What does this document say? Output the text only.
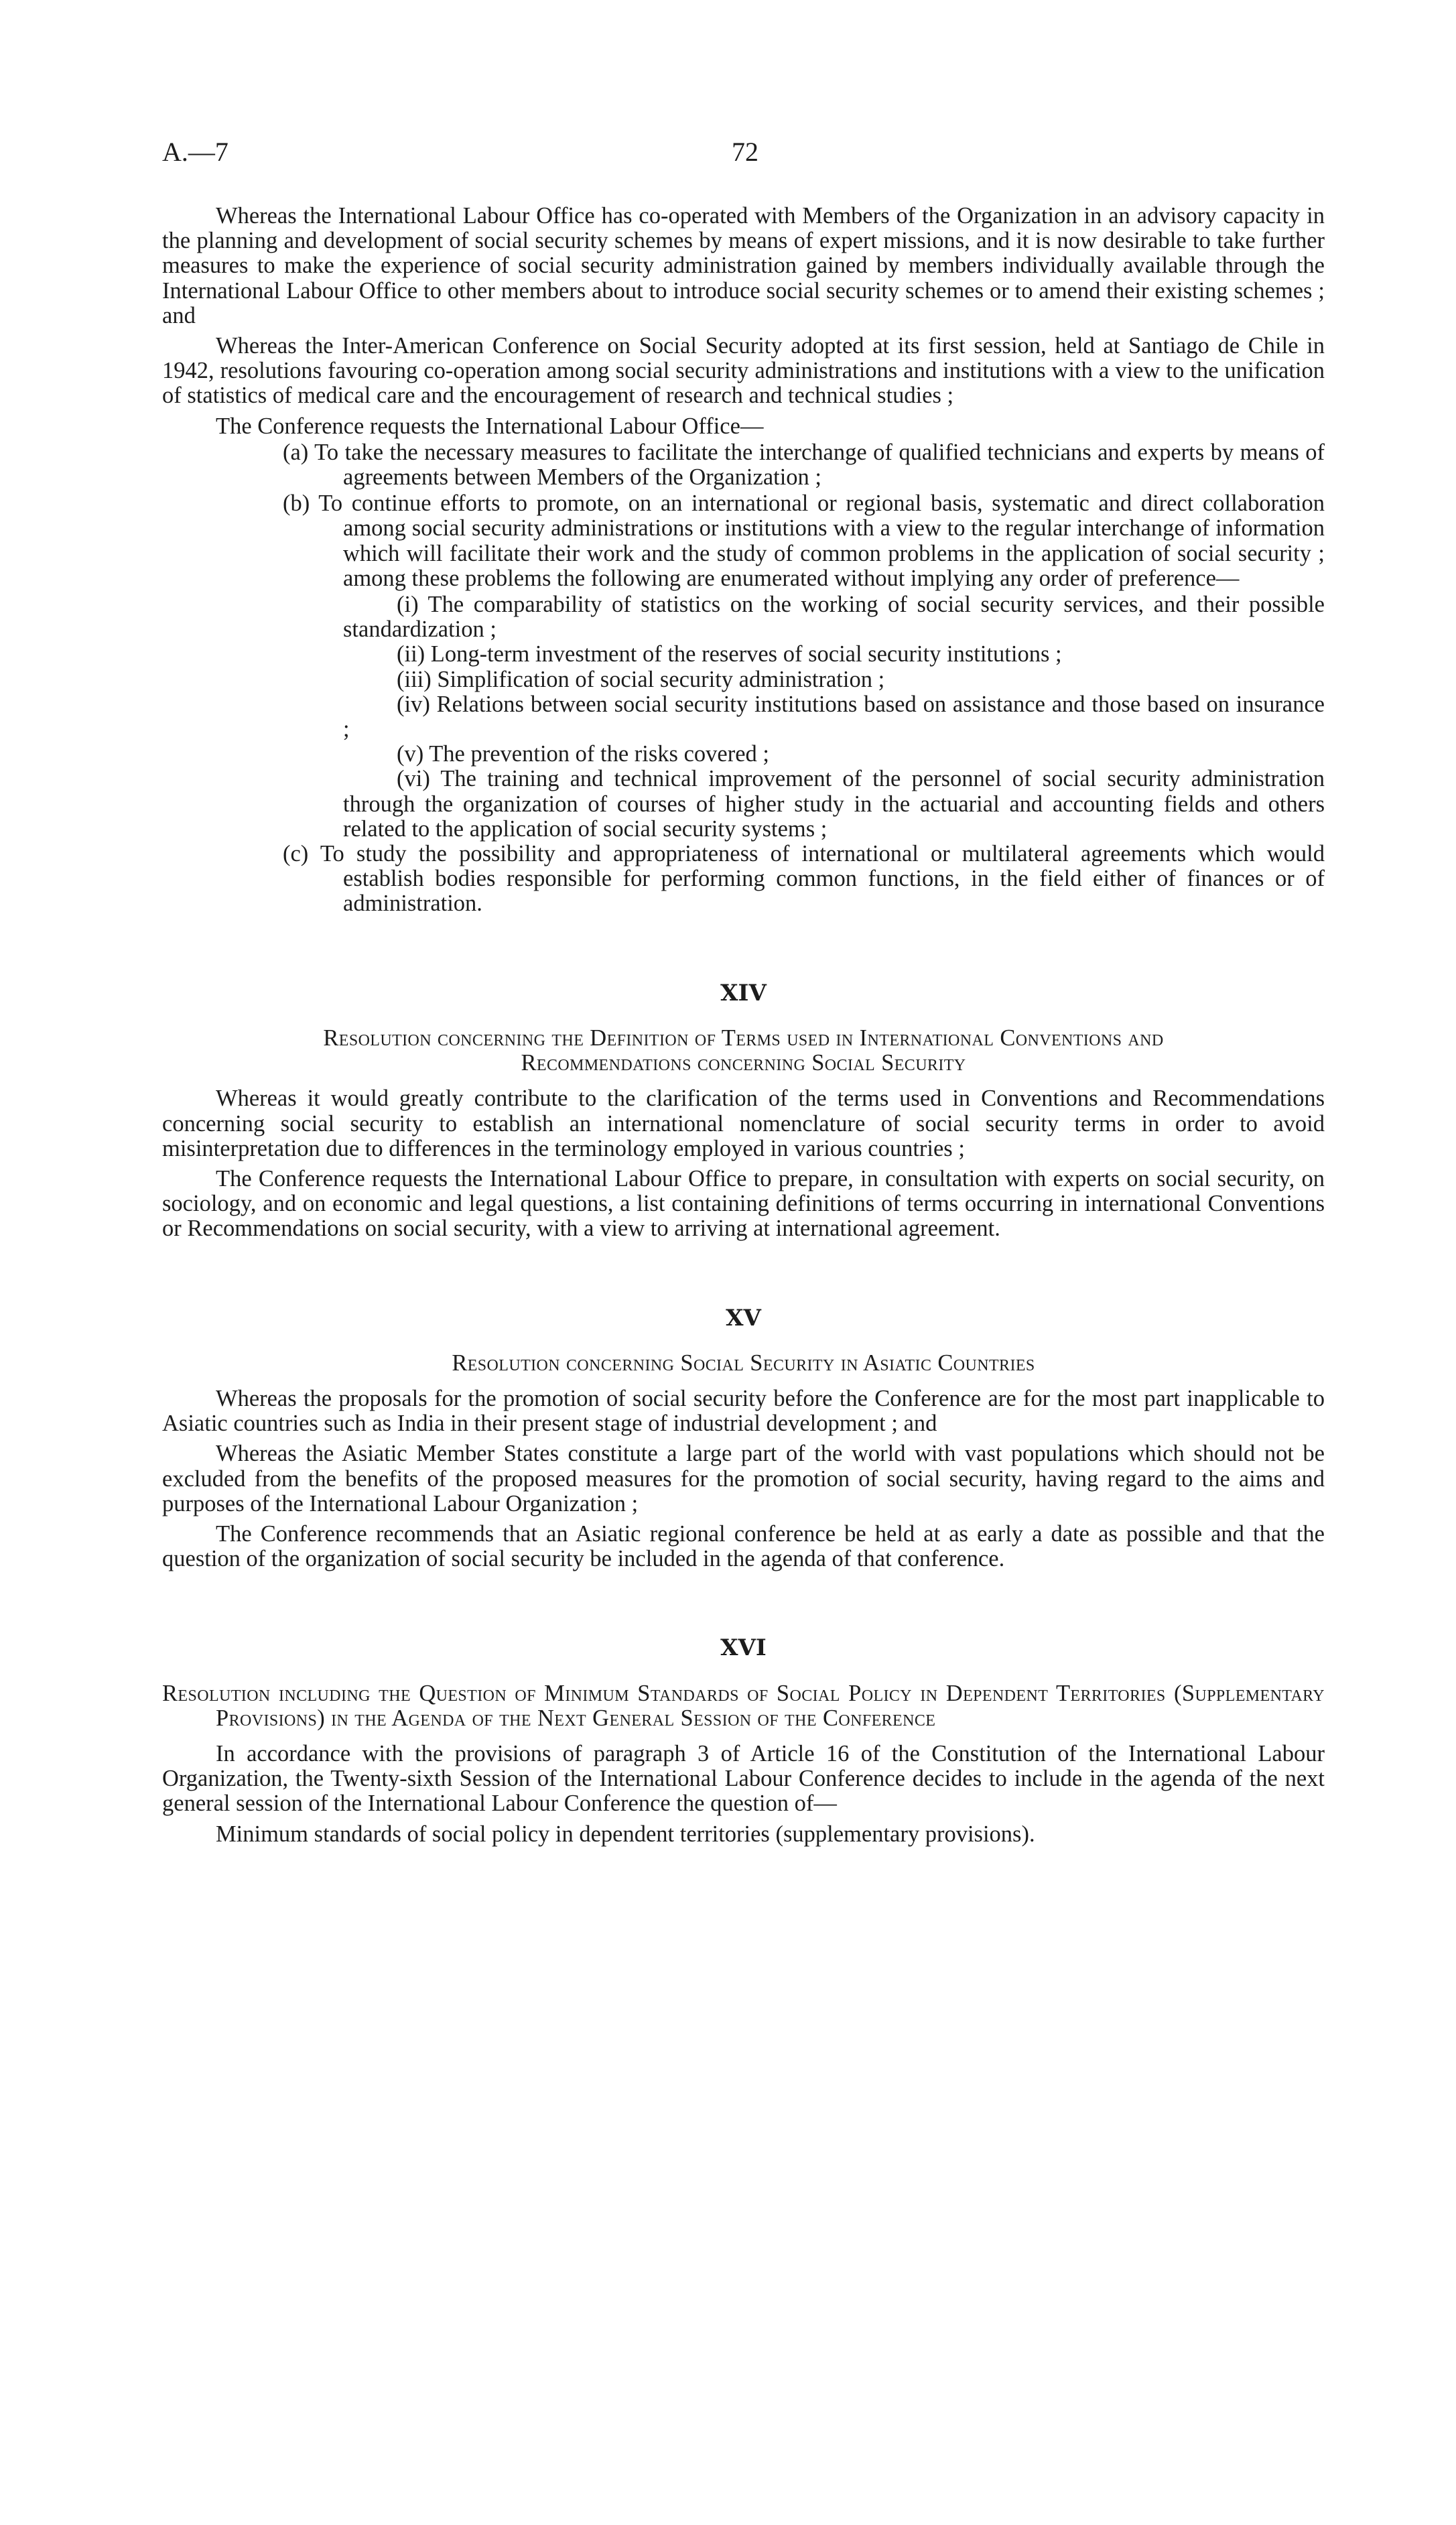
A.—7	72

Whereas the International Labour Office has co-operated with Members of the Organization in an advisory capacity in the planning and development of social security schemes by means of expert missions, and it is now desirable to take further measures to make the experience of social security administration gained by members individually available through the International Labour Office to other members about to introduce social security schemes or to amend their existing schemes ; and

Whereas the Inter-American Conference on Social Security adopted at its first session, held at Santiago de Chile in 1942, resolutions favouring co-operation among social security administrations and institutions with a view to the unification of statistics of medical care and the encouragement of research and technical studies ;

The Conference requests the International Labour Office—

(a) To take the necessary measures to facilitate the interchange of qualified technicians and experts by means of agreements between Members of the Organization ;

(b) To continue efforts to promote, on an international or regional basis, systematic and direct collaboration among social security administrations or institutions with a view to the regular interchange of information which will facilitate their work and the study of common problems in the application of social security ; among these problems the following are enumerated without implying any order of preference—

(i) The comparability of statistics on the working of social security services, and their possible standardization ;

(ii) Long-term investment of the reserves of social security institutions ;

(iii) Simplification of social security administration ;

(iv) Relations between social security institutions based on assistance and those based on insurance ;

(v) The prevention of the risks covered ;

(vi) The training and technical improvement of the personnel of social security administration through the organization of courses of higher study in the actuarial and accounting fields and others related to the application of social security systems ;

(c) To study the possibility and appropriateness of international or multilateral agreements which would establish bodies responsible for performing common functions, in the field either of finances or of administration.

XIV

Resolution concerning the Definition of Terms used in International Conventions and
Recommendations concerning Social Security

Whereas it would greatly contribute to the clarification of the terms used in Conventions and Recommendations concerning social security to establish an international nomenclature of social security terms in order to avoid misinterpretation due to differences in the terminology employed in various countries ;

The Conference requests the International Labour Office to prepare, in consultation with experts on social security, on sociology, and on economic and legal questions, a list containing definitions of terms occurring in international Conventions or Recommendations on social security, with a view to arriving at international agreement.

XV

Resolution concerning Social Security in Asiatic Countries

Whereas the proposals for the promotion of social security before the Conference are for the most part inapplicable to Asiatic countries such as India in their present stage of industrial development ; and

Whereas the Asiatic Member States constitute a large part of the world with vast populations which should not be excluded from the benefits of the proposed measures for the promotion of social security, having regard to the aims and purposes of the International Labour Organization ;

The Conference recommends that an Asiatic regional conference be held at as early a date as possible and that the question of the organization of social security be included in the agenda of that conference.

XVI

Resolution including the Question of Minimum Standards of Social Policy in Dependent Territories (Supplementary Provisions) in the Agenda of the Next General Session of the Conference

In accordance with the provisions of paragraph 3 of Article 16 of the Constitution of the International Labour Organization, the Twenty-sixth Session of the International Labour Conference decides to include in the agenda of the next general session of the International Labour Conference the question of—

Minimum standards of social policy in dependent territories (supplementary provisions).
